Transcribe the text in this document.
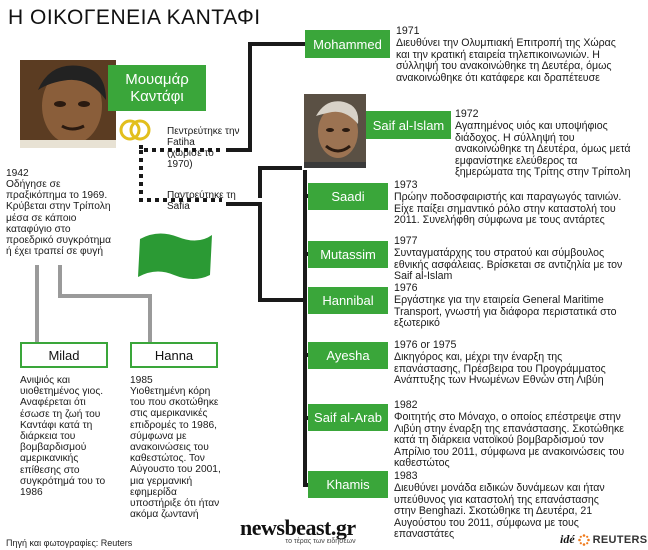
Η ΟΙΚΟΓΕΝΕΙΑ ΚΑΝΤΑΦΙ
Μουαμάρ
Καντάφι
1942
Οδήγησε σε
πραξικόπημα το 1969.
Κρύβεται στην Τρίπολη
μέσα σε κάποιο
καταφύγιο στο
προεδρικό συγκρότημα
ή έχει τραπεί σε φυγή
Πεντρεύτηκε την
Fatiha
(χώρισε το
1970)
Παντρεύτηκε τη
Safia
Milad	Hanna
Ανιψιός και
υιοθετημένος γιος.
Αναφέρεται ότι
έσωσε τη ζωή του
Καντάφι κατά τη
διάρκεια του
βομβαρδισμού
αμερικανικής
επίθεσης στο
συγκρότημά του το
1986
1985
Υιοθετημένη κόρη
του που σκοτώθηκε
στις αμερικανικές
επιδρομές το 1986,
σύμφωνα με
ανακοινώσεις του
καθεστώτος. Τον
Αύγουστο του 2001,
μια γερμανική
εφημερίδα
υποστήριξε ότι ήταν
ακόμα ζωντανή
Mohammed
Saif al-Islam
Saadi
Mutassim
Hannibal
Ayesha
Saif al-Arab
Khamis
1971
Διευθύνει την Ολυμπιακή Επιτροπή της Χώρας
και την κρατική εταιρεία τηλεπικοινωνιών. Η
σύλληψή του ανακοινώθηκε τη Δευτέρα, όμως
ανακοινώθηκε ότι κατάφερε και δραπέτευσε
1972
Αγαπημένος υιός και υποψήφιος
διάδοχος. Η σύλληψή του
ανακοινώθηκε τη Δευτέρα, όμως μετά
εμφανίστηκε ελεύθερος τα
ξημερώματα της Τρίτης στην Τρίπολη
1973
Πρώην ποδοσφαιριστής και παραγωγός ταινιών.
Είχε παίξει σημαντικό ρόλο στην καταστολή του
2011. Συνελήφθη σύμφωνα με τους αντάρτες
1977
Συνταγματάρχης του στρατού και σύμβουλος
εθνικής ασφάλειας. Βρίσκεται σε αντιζηλία με τον
Saif al-Islam
1976
Εργάστηκε για την εταιρεία General Maritime
Transport, γνωστή για διάφορα περιστατικά στο
εξωτερικό
1976 or 1975
Δικηγόρος και, μέχρι την έναρξη της
επανάστασης, Πρέσβειρα του Προγράμματος
Ανάπτυξης των Ηνωμένων Εθνών στη Λιβύη
1982
Φοιτητής στο Μόναχο, ο οποίος επέστρεψε στην
Λιβύη στην έναρξη της επανάστασης. Σκοτώθηκε
κατά τη διάρκεια νατοϊκού βομβαρδισμού τον
Απρίλιο του 2011, σύμφωνα με ανακοινώσεις του
καθεστώτος
1983
Διευθύνει μονάδα ειδικών δυνάμεων και ήταν
υπεύθυνος για καταστολή της επανάστασης
στην Benghazi. Σκοτώθηκε τη Δευτέρα, 21
Αυγούστου του 2011, σύμφωνα με τους
επαναστάτες
Πηγή και φωτογραφίες: Reuters
newsbeast.gr
το τέρας των ειδήσεων	idé REUTERS
